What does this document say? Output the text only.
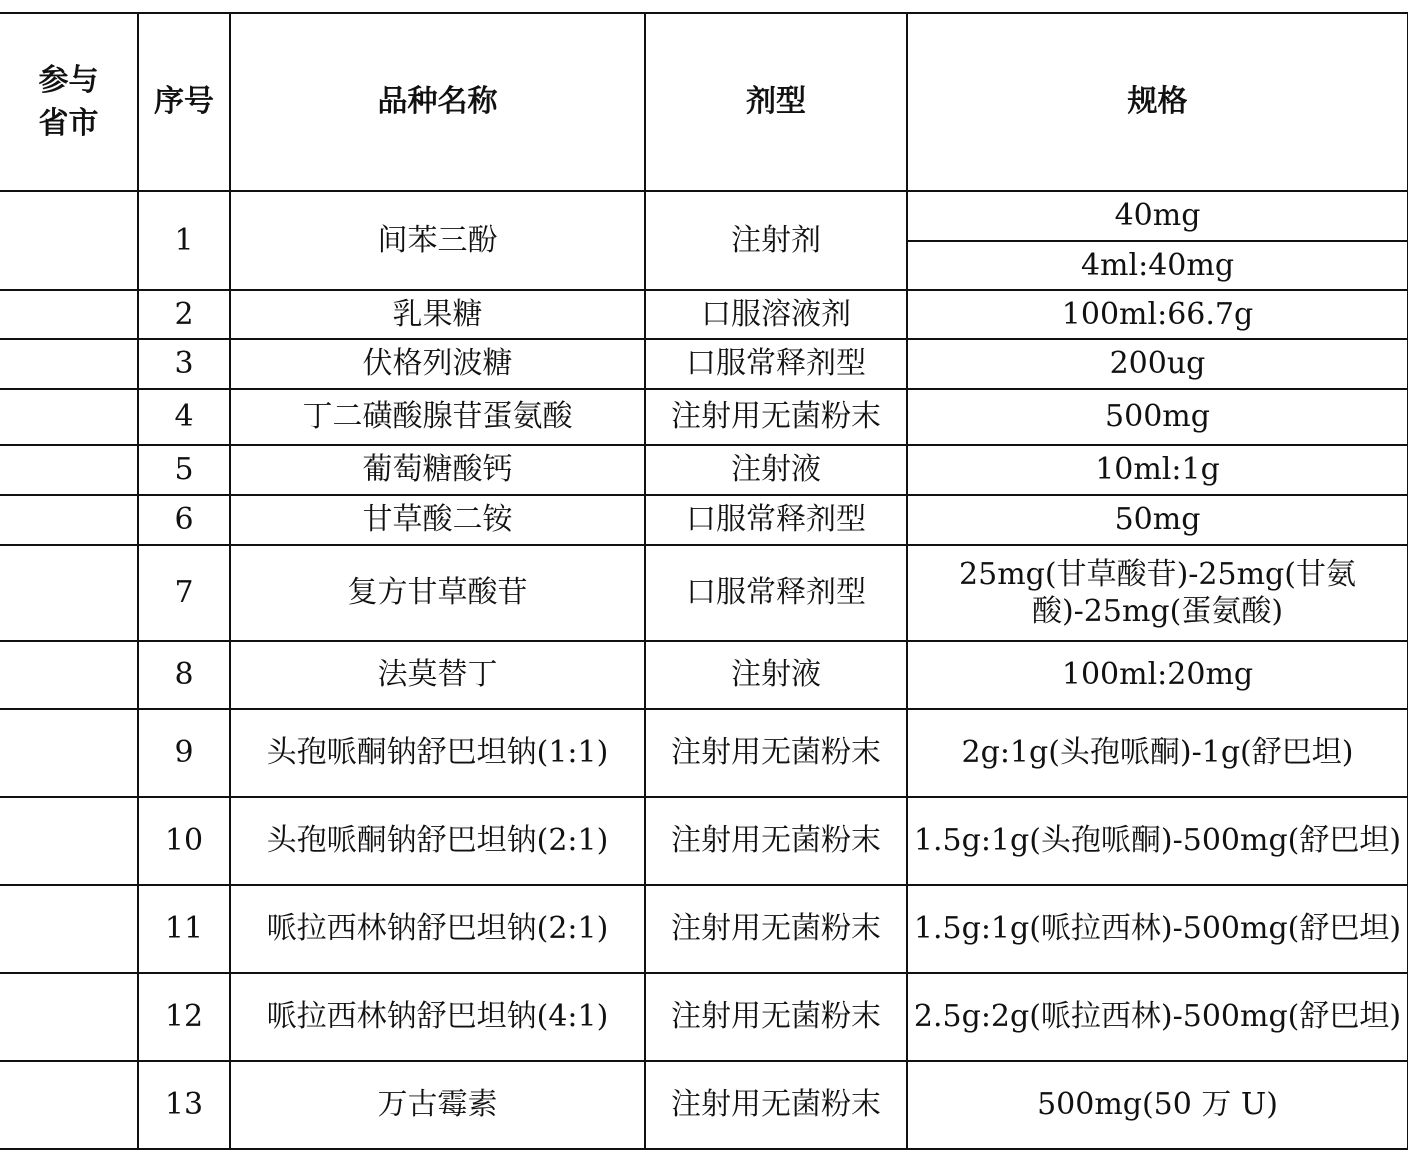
参与
省市	序号	品种名称	剂型	规格	
	1	间苯三酚	注射剂	40mg	
				4ml:40mg	
	2	乳果糖	口服溶液剂	100ml:66.7g	
	3	伏格列波糖	口服常释剂型	200ug	
	4	丁二磺酸腺苷蛋氨酸	注射用无菌粉末	500mg	
	5	葡萄糖酸钙	注射液	10ml:1g	
	6	甘草酸二铵	口服常释剂型	50mg	
	7	复方甘草酸苷	口服常释剂型	25mg(甘草酸苷)-25mg(甘氨酸)-25mg(蛋氨酸)	
	8	法莫替丁	注射液	100ml:20mg	
	9	头孢哌酮钠舒巴坦钠(1:1)	注射用无菌粉末	2g:1g(头孢哌酮)-1g(舒巴坦)	
	10	头孢哌酮钠舒巴坦钠(2:1)	注射用无菌粉末	1.5g:1g(头孢哌酮)-500mg(舒巴坦)	
	11	哌拉西林钠舒巴坦钠(2:1)	注射用无菌粉末	1.5g:1g(哌拉西林)-500mg(舒巴坦)	
	12	哌拉西林钠舒巴坦钠(4:1)	注射用无菌粉末	2.5g:2g(哌拉西林)-500mg(舒巴坦)	
	13	万古霉素	注射用无菌粉末	500mg(50 万 U)	
